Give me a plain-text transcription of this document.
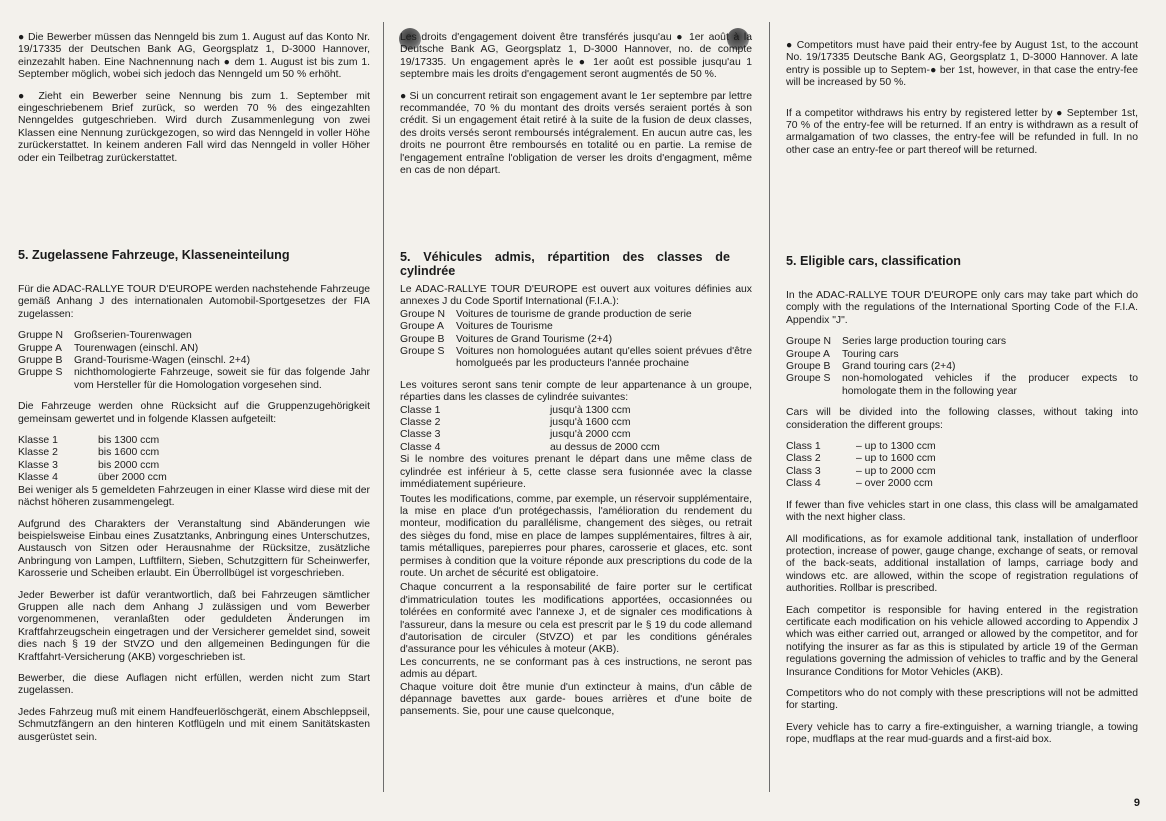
● Die Bewerber müssen das Nenngeld bis zum 1. August auf das Konto Nr. 19/17335 der Deutschen Bank AG, Georgsplatz 1, D-3000 Hannover, einzezahlt haben. Eine Nachnennung nach ● dem 1. August ist bis zum 1. September möglich, wobei sich jedoch das Nenngeld um 50 % erhöht.

● Zieht ein Bewerber seine Nennung bis zum 1. September mit eingeschriebenem Brief zurück, so werden 70 % des eingezahlten Nenngeldes gutgeschrieben. Wird durch Zusammenlegung von zwei Klassen eine Nennung zurückgezogen, so wird das Nenngeld in voller Höhe zurückerstattet. In keinem anderen Fall wird das Nenngeld in voller Höher oder ein Teilbetrag zurückerstattet.

5. Zugelassene Fahrzeuge, Klasseneinteilung

Für die ADAC-RALLYE TOUR D'EUROPE werden nachstehende Fahrzeuge gemäß Anhang J des internationalen Automobil-Sportgesetzes der FIA zugelassen:

Gruppe N	Großserien-Tourenwagen
Gruppe A	Tourenwagen (einschl. AN)
Gruppe B	Grand-Tourisme-Wagen (einschl. 2+4)
Gruppe S	nichthomologierte Fahrzeuge, soweit sie für das folgende Jahr vom Hersteller für die Homologation vorgesehen sind.

Die Fahrzeuge werden ohne Rücksicht auf die Gruppenzugehörigkeit gemeinsam gewertet und in folgende Klassen aufgeteilt:

Klasse 1	bis 1300 ccm
Klasse 2	bis 1600 ccm
Klasse 3	bis 2000 ccm
Klasse 4	über 2000 ccm

Bei weniger als 5 gemeldeten Fahrzeugen in einer Klasse wird diese mit der nächst höheren zusammengelegt.

Aufgrund des Charakters der Veranstaltung sind Abänderungen wie beispielsweise Einbau eines Zusatztanks, Anbringung eines Unterschutzes, Austausch von Sitzen oder Herausnahme der Rücksitze, zusätzliche Anbringung von Lampen, Luftfiltern, Sieben, Schutzgittern für Scheinwerfer, Karosserie und Scheiben erlaubt. Ein Überrollbügel ist vorgeschrieben.

Jeder Bewerber ist dafür verantwortlich, daß bei Fahrzeugen sämtlicher Gruppen alle nach dem Anhang J zulässigen und vom Bewerber vorgenommenen, veranlaßten oder geduldeten Änderungen im Kraftfahrzeugschein eingetragen und der Versicherer gemeldet sind, soweit dies nach § 19 der StVZO und den allgemeinen Bedingungen für die Kraftfahrt-Versicherung (AKB) vorgeschrieben ist.

Bewerber, die diese Auflagen nicht erfüllen, werden nicht zum Start zugelassen.

Jedes Fahrzeug muß mit einem Handfeuerlöschgerät, einem Abschleppseil, Schmutzfängern an den hinteren Kotflügeln und mit einem Sanitätskasten ausgerüstet sein.

Les droits d'engagement doivent être transférés jusqu'au ● 1er août à la Deutsche Bank AG, Georgsplatz 1, D-3000 Hannover, no. de compte 19/17335. Un engagement après le ● 1er août est possible jusqu'au 1 septembre mais les droits d'engagement seront augmentés de 50 %.

● Si un concurrent retirait son engagement avant le 1er septembre par lettre recommandée, 70 % du montant des droits versés seraient portés à son crédit. Si un engagement était retiré à la suite de la fusion de deux classes, des droits versés seront remboursés intégralement. En aucun autre cas, les droits ne pourront être remboursés en totalité ou en partie. La remise de l'engagement entraîne l'obligation de verser les droits d'engagment, même en cas de non départ.

5. Véhicules admis, répartition des classes de cylindrée

Le ADAC-RALLYE TOUR D'EUROPE est ouvert aux voitures définies aux annexes J du Code Sportif International (F.I.A.):

Groupe N	Voitures de tourisme de grande production de serie
Groupe A	Voitures de Tourisme
Groupe B	Voitures de Grand Tourisme (2+4)
Groupe S	Voitures non homologuées autant qu'elles soient prévues d'être homolgueés par les producteurs l'année prochaine

Les voitures seront sans tenir compte de leur appartenance à un groupe, réparties dans les classes de cylindrée suivantes:

Classe 1	jusqu'à 1300 ccm
Classe 2	jusqu'à 1600 ccm
Classe 3	jusqu'à 2000 ccm
Classe 4	au dessus de 2000 ccm

Si le nombre des voitures prenant le départ dans une même class de cylindrée est inférieur à 5, cette classe sera fusionnée avec la classe immédiatement supérieure.

Toutes les modifications, comme, par exemple, un réservoir supplémentaire, la mise en place d'un protégechassis, l'amélioration du rendement du monteur, modification du parallélisme, changement des sièges, ou retrait des sièges du fond, mise en place de lampes supplémentaires, filtres à air, tamis métalliques, parepierres pour phares, carosserie et glaces, etc. sont permises à condition que la voiture réponde aux prescriptions du code de la route. Un archet de sécurité est obligatoire.

Chaque concurrent a la responsabilité de faire porter sur le certificat d'immatriculation toutes les modifications apportées, occasionnées ou tolérées en conformité avec l'annexe J, et de signaler ces modifications à l'assureur, dans la mesure ou cela est prescrit par le § 19 du code allemand d'autorisation de circuler (StVZO) et par les conditions générales d'assurance pour les véhicules à moteur (AKB).

Les concurrents, ne se conformant pas à ces instructions, ne seront pas admis au départ.

Chaque voiture doit être munie d'un extincteur à mains, d'un câble de dépannage bavettes aux garde- boues arrières et d'une boite de pansements. Sie, pour une cause quelconque,

● Competitors must have paid their entry-fee by August 1st, to the account No. 19/17335 Deutsche Bank AG, Georgsplatz 1, D-3000 Hannover. A late entry is possible up to Septem-● ber 1st, however, in that case the entry-fee will be increased by 50 %.

If a competitor withdraws his entry by registered letter by ● September 1st, 70 % of the entry-fee will be returned. If an entry is withdrawn as a result of armalgamation of two classes, the entry-fee will be refunded in full. In no other case an entry-fee or part thereof will be returned.

5. Eligible cars, classification

In the ADAC-RALLYE TOUR D'EUROPE only cars may take part which do comply with the regulations of the International Sporting Code of the F.I.A. Appendix "J".

Groupe N	Series large production touring cars
Groupe A	Touring cars
Groupe B	Grand touring cars (2+4)
Groupe S	non-homologated vehicles if the producer expects to homologate them in the following year

Cars will be divided into the following classes, without taking into consideration the different groups:

Class 1	– up to 1300 ccm
Class 2	– up to 1600 ccm
Class 3	– up to 2000 ccm
Class 4	– over 2000 ccm

If fewer than five vehicles start in one class, this class will be amalgamated with the next higher class.

All modifications, as for examole additional tank, installation of underfloor protection, increase of power, gauge change, exchange of seats, or removal of the back-seats, additional installation of lamps, carriage body and windows etc. are allowed, within the scope of registration regulations of authorities. Rollbar is prescribed.

Each competitor is responsible for having entered in the registration certificate each modification on his vehicle allowed according to Appendix J which was either carried out, arranged or allowed by the competitor, and for notifying the insurer as far as this is stipulated by article 19 of the German regulations governing the admission of vehicles to traffic and by the General Insurance Conditions for Motor Vehicles (AKB).

Competitors who do not comply with these prescriptions will not be admitted for starting.

Every vehicle has to carry a fire-extinguisher, a warning triangle, a towing rope, mudflaps at the rear mud-guards and a first-aid box.

9
